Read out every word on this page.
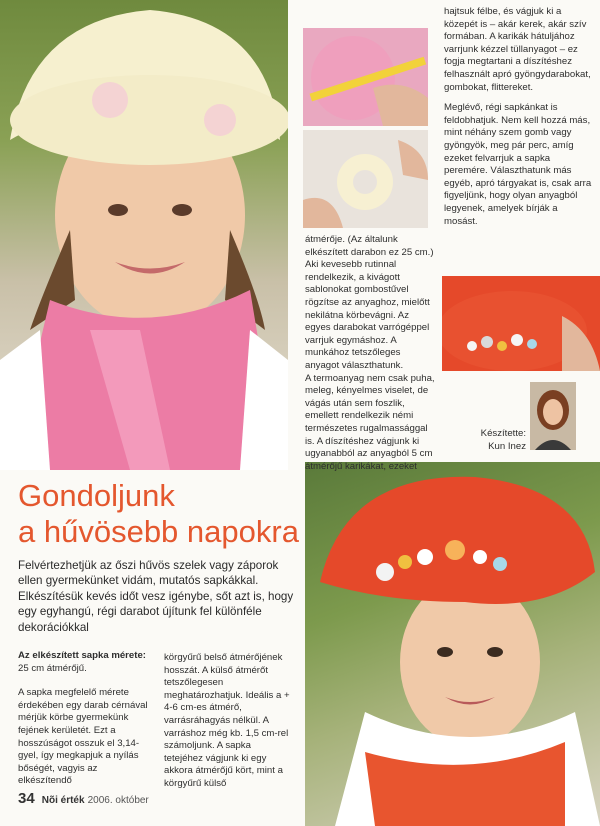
átmérője. (Az általunk elkészített darabon ez 25 cm.) Aki kevesebb rutinnal rendelkezik, a kivágott sablonokat gombostűvel rögzítse az anyaghoz, mielőtt nekilátna körbevágni. Az egyes darabokat varrógéppel varrjuk egymáshoz. A munkához tetszőleges anyagot választhatunk.

A termoanyag nem csak puha, meleg, kényelmes viselet, de vágás után sem foszlik, emellett rendelkezik némi természetes rugalmassággal is. A díszítéshez vágjunk ki ugyanabból az anyagból 5 cm átmérőjű karikákat, ezeket

hajtsuk félbe, és vágjuk ki a közepét is – akár kerek, akár szív formában. A karikák hátuljához varrjunk kézzel tüllanyagot – ez fogja megtartani a díszítéshez felhasznált apró gyöngydarabokat, gombokat, flittereket.

Meglévő, régi sapkánkat is feldobhatjuk. Nem kell hozzá más, mint néhány szem gomb vagy gyöngyök, meg pár perc, amíg ezeket felvarrjuk a sapka peremére. Választhatunk más egyéb, apró tárgyakat is, csak arra figyeljünk, hogy olyan anyagból legyenek, amelyek bírják a mosást.

Készítette:
Kun Inez
Gondoljunk
a hűvösebb napokra
Felvértezhetjük az őszi hűvös szelek vagy záporok ellen gyermekünket vidám, mutatós sapkákkal. Elkészítésük kevés időt vesz igénybe, sőt azt is, hogy egy egyhangú, régi darabot újítunk fel különféle dekorációkkal
Az elkészített sapka mérete:
25 cm átmérőjű.
A sapka megfelelő mérete érdekében egy darab cérnával mérjük körbe gyermekünk fejének kerületét. Ezt a hosszúságot osszuk el 3,14-gyel, így megkapjuk a nyílás bőségét, vagyis az elkészítendő
körgyűrű belső átmérőjének hosszát. A külső átmérőt tetszőlegesen meghatározhatjuk. Ideális a + 4-6 cm-es átmérő, varrásráhagyás nélkül. A varráshoz még kb. 1,5 cm-rel számoljunk. A sapka tetejéhez vágjunk ki egy akkora átmérőjű kört, mint a körgyűrű külső
34 Nõi érték 2006. október
